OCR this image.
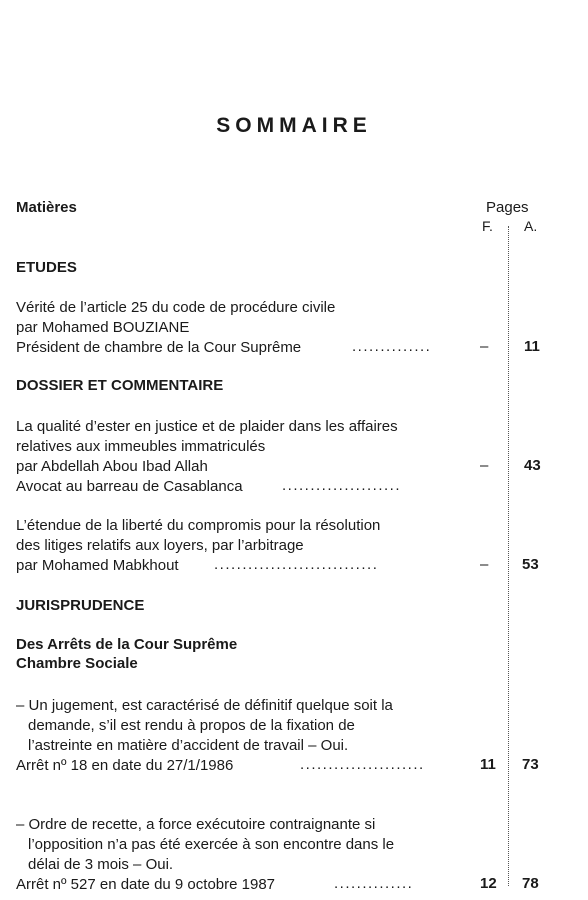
SOMMAIRE
Matières	Pages
F. A.
ETUDES
Vérité de l’article 25 du code de procédure civile
par Mohamed BOUZIANE
Président de chambre de la Cour Suprême	..............	– 11
DOSSIER ET COMMENTAIRE
La qualité d’ester en justice et de plaider dans les affaires
relatives aux immeubles immatriculés
par Abdellah Abou Ibad Allah	– 43
Avocat au barreau de Casablanca	.....................
L’étendue de la liberté du compromis pour la résolution
des litiges relatifs aux loyers, par l’arbitrage
par Mohamed Mabkhout .............................	– 53
JURISPRUDENCE
Des Arrêts de la Cour Suprême
Chambre Sociale
– Un jugement, est caractérisé de définitif quelque soit la
demande, s’il est rendu à propos de la fixation de
l’astreinte en matière d’accident de travail – Oui.
Arrêt nº 18 en date du 27/1/1986	......................	11 73
– Ordre de recette, a force exécutoire contraignante si
l’opposition n’a pas été exercée à son encontre dans le
délai de 3 mois – Oui.
Arrêt nº 527 en date du 9 octobre 1987	..............	12 78
